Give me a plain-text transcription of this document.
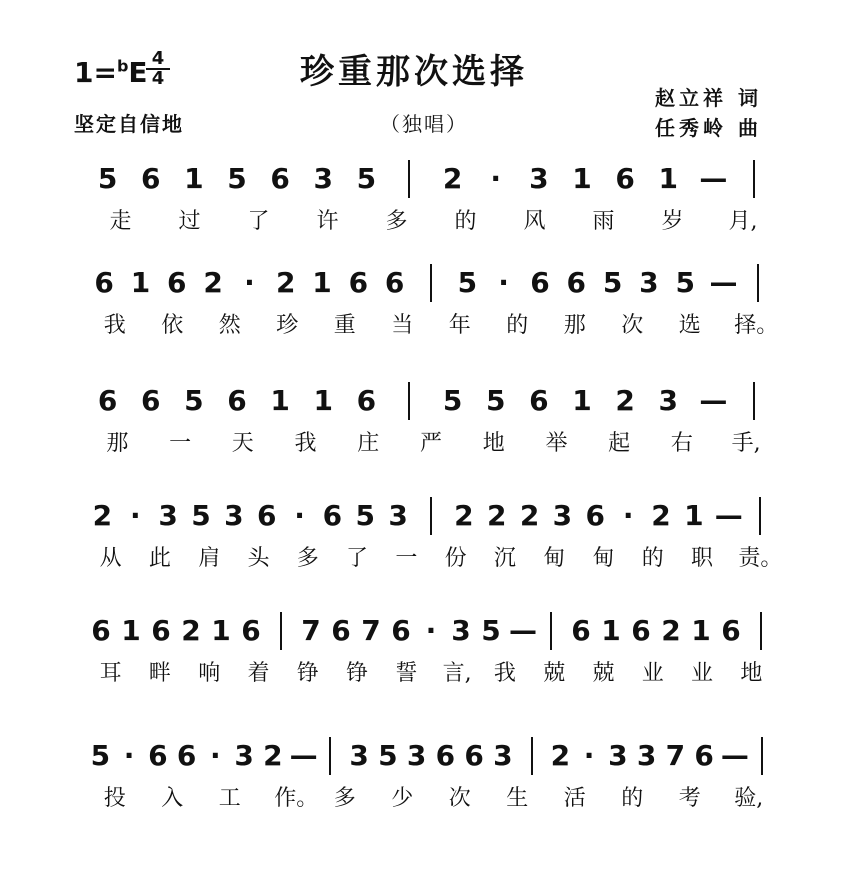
1=$^b$E 4
4	珍重那次选择
赵立祥 词
任秀岭 曲
坚定自信地	（独唱）
5 6 1 5 6 3 5 2 · 3 1 6 1 —
走 过 了 许 多 的 风 雨 岁 月,
6 1 6 2 · 2 1 6 6 5 · 6 6 5 3 5 —
我 依 然 珍 重 当 年 的 那 次 选 择。
6 6 5 6 1 1 6 5 5 6 1 2 3 —
那 一 天 我 庄 严 地 举 起 右 手,
2 · 3 5 3 6 · 6 5 3 2 2 2 3 6 · 2 1 —
从 此 肩 头 多 了 一 份 沉 甸 甸 的 职 责。
6 1 6 2 1 6 7 6 7 6 · 3 5 — 6 1 6 2 1 6
耳 畔 响 着 铮 铮 誓 言, 我 兢 兢 业 业 地
5 · 6 6 · 3 2 — 3 5 3 6 6 3 2 · 3 3 7 6 —
投 入 工 作。 多 少 次 生 活 的 考 验,
